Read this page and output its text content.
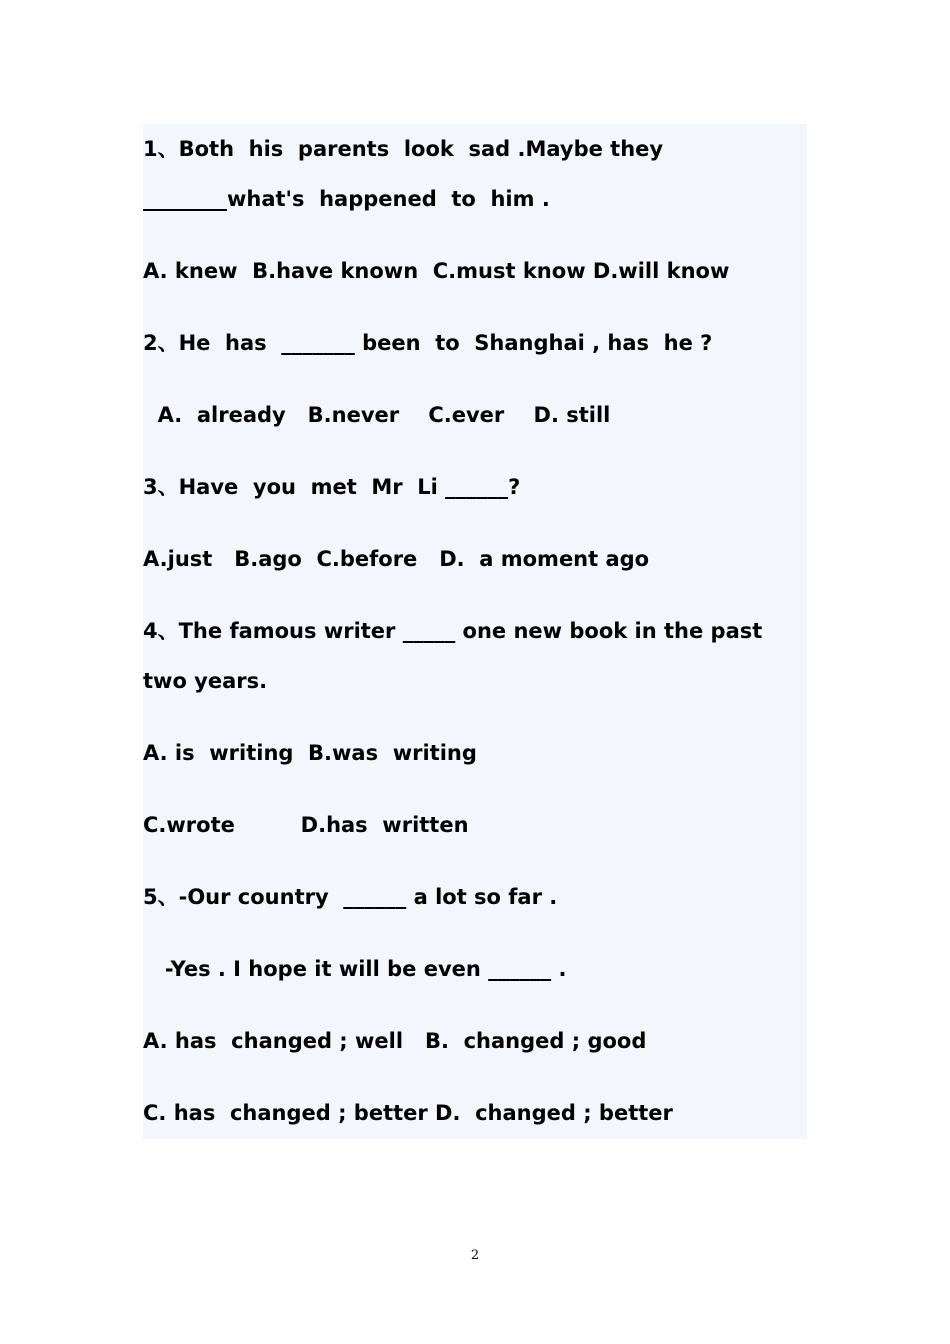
1、Both  his  parents  look  sad .Maybe they
________what's  happened  to  him .
A. knew  B.have known  C.must know D.will know
2、He  has  _______ been  to  Shanghai , has  he ?
A.  already   B.never    C.ever    D. still
3、Have  you  met  Mr  Li ______?
A.just   B.ago  C.before   D.  a moment ago
4、The famous writer _____ one new book in the past
two years.
A. is  writing  B.was  writing
C.wrote         D.has  written
5、-Our country  ______ a lot so far .
-Yes . I hope it will be even ______ .
A. has  changed ; well   B.  changed ; good
C. has  changed ; better D.  changed ; better
2
